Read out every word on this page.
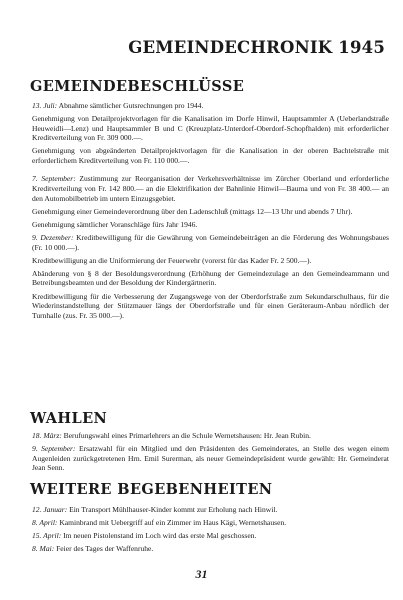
GEMEINDECHRONIK 1945
GEMEINDEBESCHLÜSSE

13. Juli: Abnahme sämtlicher Gutsrechnungen pro 1944.

Genehmigung von Detailprojektvorlagen für die Kanalisation im Dorfe Hinwil, Hauptsammler A (Ueberlandstraße Heuweidli—Lenz) und Hauptsammler B und C (Kreuzplatz-Unterdorf-Oberdorf-Schopfhalden) mit erforderlicher Kreditverteilung von Fr. 309 000.—.

Genehmigung von abgeänderten Detailprojektvorlagen für die Kanalisation in der oberen Bachtelstraße mit erforderlichem Kreditverteilung von Fr. 110 000.—.

7. September: Zustimmung zur Reorganisation der Verkehrsverhältnisse im Zürcher Oberland und erforderliche Kreditverteilung von Fr. 142 800.— an die Elektrifikation der Bahnlinie Hinwil—Bauma und von Fr. 38 400.— an den Automobilbetrieb im untern Einzugsgebiet.

Genehmigung einer Gemeindeverordnung über den Ladenschluß (mittags 12—13 Uhr und abends 7 Uhr).

Genehmigung sämtlicher Voranschläge fürs Jahr 1946.

9. Dezember: Kreditbewilligung für die Gewährung von Gemeindebeiträgen an die Förderung des Wohnungsbaues (Fr. 10 000.—).

Kreditbewilligung an die Uniformierung der Feuerwehr (vorerst für das Kader Fr. 2 500.—).

Abänderung von § 8 der Besoldungsverordnung (Erhöhung der Gemeindezulage an den Gemeindeammann und Betreibungsbeamten und der Besoldung der Kindergärtnerin.

Kreditbewilligung für die Verbesserung der Zugangswege von der Oberdorfstraße zum Sekundarschulhaus, für die Wiederinstandstellung der Stützmauer längs der Oberdorfstraße und für einen Geräteraum-Anbau nördlich der Turnhalle (zus. Fr. 35 000.—).

WAHLEN

18. März: Berufungswahl eines Primarlehrers an die Schule Wernetshausen: Hr. Jean Rubin.

9. September: Ersatzwahl für ein Mitglied und den Präsidenten des Gemeinderates, an Stelle des wegen einem Augenleiden zurückgetretenen Hrn. Emil Surerman, als neuer Gemeindepräsident wurde gewählt: Hr. Gemeinderat Jean Senn.

WEITERE BEGEBENHEITEN

12. Januar: Ein Transport Mühlhauser-Kinder kommt zur Erholung nach Hinwil.

8. April: Kaminbrand mit Uebergriff auf ein Zimmer im Haus Kägi, Wernetshausen.

15. April: Im neuen Pistolenstand im Loch wird das erste Mal geschossen.

8. Mai: Feier des Tages der Waffenruhe.

31
